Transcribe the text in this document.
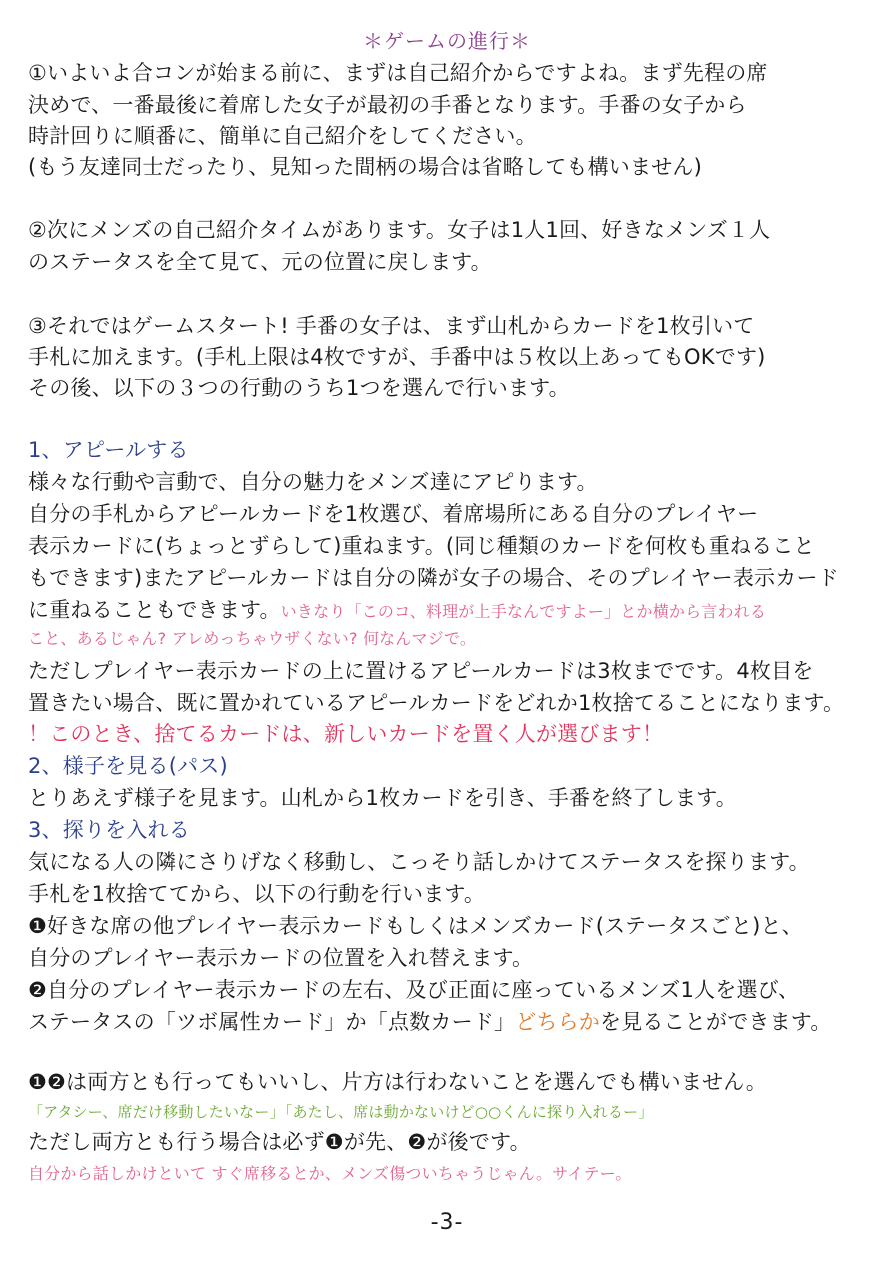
＊ゲームの進行＊
①いよいよ合コンが始まる前に、まずは自己紹介からですよね。まず先程の席
決めで、一番最後に着席した女子が最初の手番となります。手番の女子から
時計回りに順番に、簡単に自己紹介をしてください。
(もう友達同士だったり、見知った間柄の場合は省略しても構いません)
②次にメンズの自己紹介タイムがあります。女子は1人1回、好きなメンズ１人
のステータスを全て見て、元の位置に戻します。
③それではゲームスタート! 手番の女子は、まず山札からカードを1枚引いて
手札に加えます。(手札上限は4枚ですが、手番中は５枚以上あってもOKです)
その後、以下の３つの行動のうち1つを選んで行います。
1、アピールする
様々な行動や言動で、自分の魅力をメンズ達にアピります。
自分の手札からアピールカードを1枚選び、着席場所にある自分のプレイヤー
表示カードに(ちょっとずらして)重ねます。(同じ種類のカードを何枚も重ねること
もできます)またアピールカードは自分の隣が女子の場合、そのプレイヤー表示カード
に重ねることもできます。いきなり「このコ、料理が上手なんですよー」とか横から言われる
こと、あるじゃん? アレめっちゃウザくない? 何なんマジで。
ただしプレイヤー表示カードの上に置けるアピールカードは3枚までです。4枚目を
置きたい場合、既に置かれているアピールカードをどれか1枚捨てることになります。
！このとき、捨てるカードは、新しいカードを置く人が選びます！
2、様子を見る(パス)
とりあえず様子を見ます。山札から1枚カードを引き、手番を終了します。
3、探りを入れる
気になる人の隣にさりげなく移動し、こっそり話しかけてステータスを探ります。
手札を1枚捨ててから、以下の行動を行います。
❶好きな席の他プレイヤー表示カードもしくはメンズカード(ステータスごと)と、
自分のプレイヤー表示カードの位置を入れ替えます。
❷自分のプレイヤー表示カードの左右、及び正面に座っているメンズ1人を選び、
ステータスの「ツボ属性カード」か「点数カード」どちらかを見ることができます。
❶❷は両方とも行ってもいいし、片方は行わないことを選んでも構いません。
「アタシー、席だけ移動したいなー」「あたし、席は動かないけど○○くんに探り入れるー」
ただし両方とも行う場合は必ず❶が先、❷が後です。
自分から話しかけといて すぐ席移るとか、メンズ傷ついちゃうじゃん。サイテー。
-3-
